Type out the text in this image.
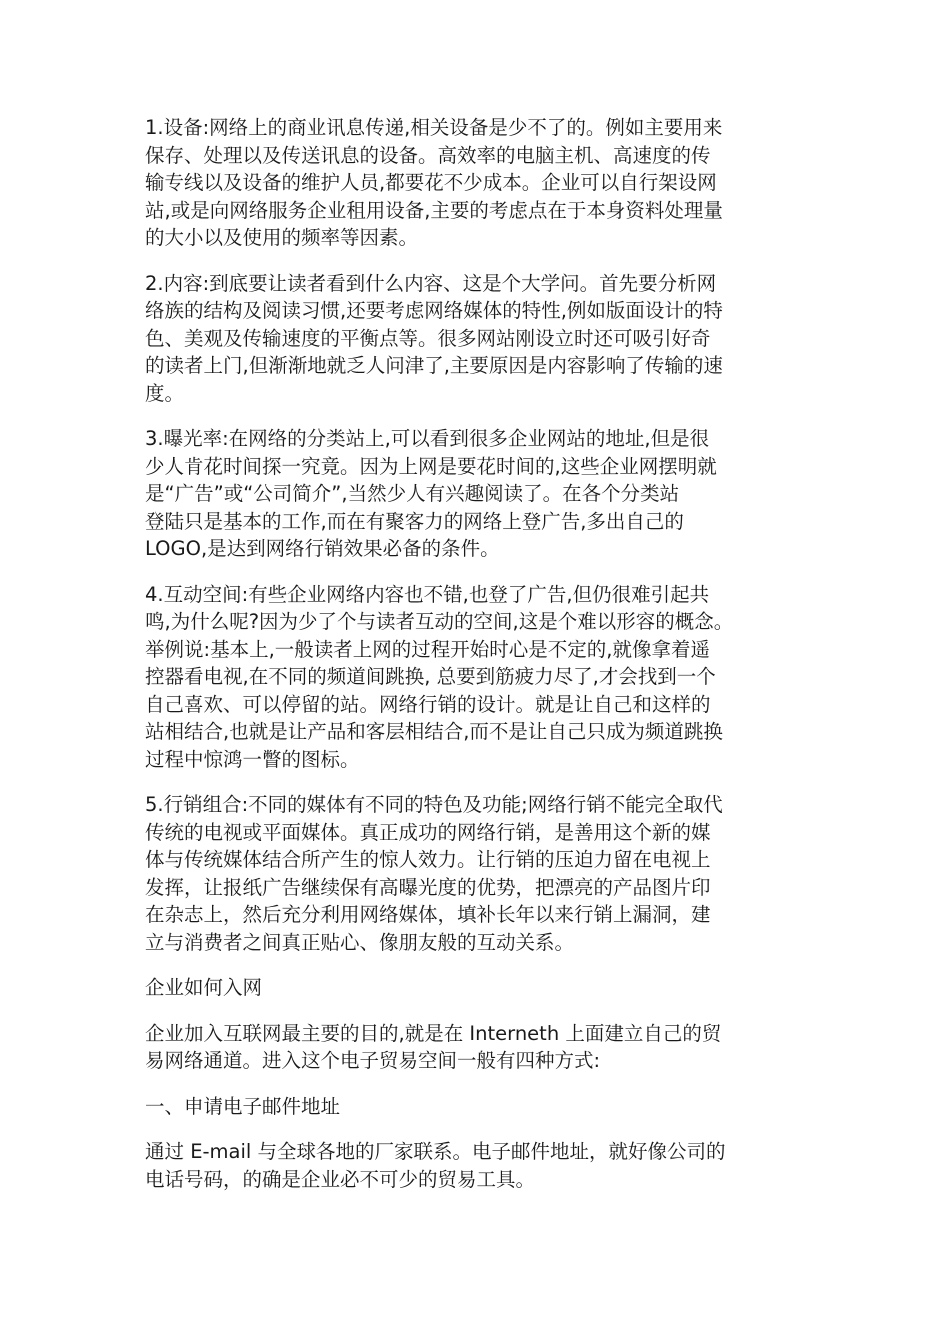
1.设备:网络上的商业讯息传递,相关设备是少不了的。例如主要用来
保存、处理以及传送讯息的设备。高效率的电脑主机、高速度的传
输专线以及设备的维护人员,都要花不少成本。企业可以自行架设网
站,或是向网络服务企业租用设备,主要的考虑点在于本身资料处理量
的大小以及使用的频率等因素。

2.内容:到底要让读者看到什么内容、这是个大学问。首先要分析网
络族的结构及阅读习惯,还要考虑网络媒体的特性,例如版面设计的特
色、美观及传输速度的平衡点等。很多网站刚设立时还可吸引好奇
的读者上门,但渐渐地就乏人问津了,主要原因是内容影响了传输的速
度。

3.曝光率:在网络的分类站上,可以看到很多企业网站的地址,但是很
少人肯花时间探一究竟。因为上网是要花时间的,这些企业网摆明就
是“广告”或“公司简介”,当然少人有兴趣阅读了。在各个分类站
登陆只是基本的工作,而在有聚客力的网络上登广告,多出自己的
LOGO,是达到网络行销效果必备的条件。

4.互动空间:有些企业网络内容也不错,也登了广告,但仍很难引起共
鸣,为什么呢?因为少了个与读者互动的空间,这是个难以形容的概念。
举例说:基本上,一般读者上网的过程开始时心是不定的,就像拿着遥
控器看电视,在不同的频道间跳换, 总要到筋疲力尽了,才会找到一个
自己喜欢、可以停留的站。网络行销的设计。就是让自己和这样的
站相结合,也就是让产品和客层相结合,而不是让自己只成为频道跳换
过程中惊鸿一瞥的图标。

5.行销组合:不同的媒体有不同的特色及功能;网络行销不能完全取代
传统的电视或平面媒体。真正成功的网络行销，是善用这个新的媒
体与传统媒体结合所产生的惊人效力。让行销的压迫力留在电视上
发挥，让报纸广告继续保有高曝光度的优势，把漂亮的产品图片印
在杂志上，然后充分利用网络媒体，填补长年以来行销上漏洞，建
立与消费者之间真正贴心、像朋友般的互动关系。

企业如何入网

企业加入互联网最主要的目的,就是在 Interneth 上面建立自己的贸
易网络通道。进入这个电子贸易空间一般有四种方式:

一、申请电子邮件地址

通过 E-mail 与全球各地的厂家联系。电子邮件地址，就好像公司的
电话号码，的确是企业必不可少的贸易工具。
